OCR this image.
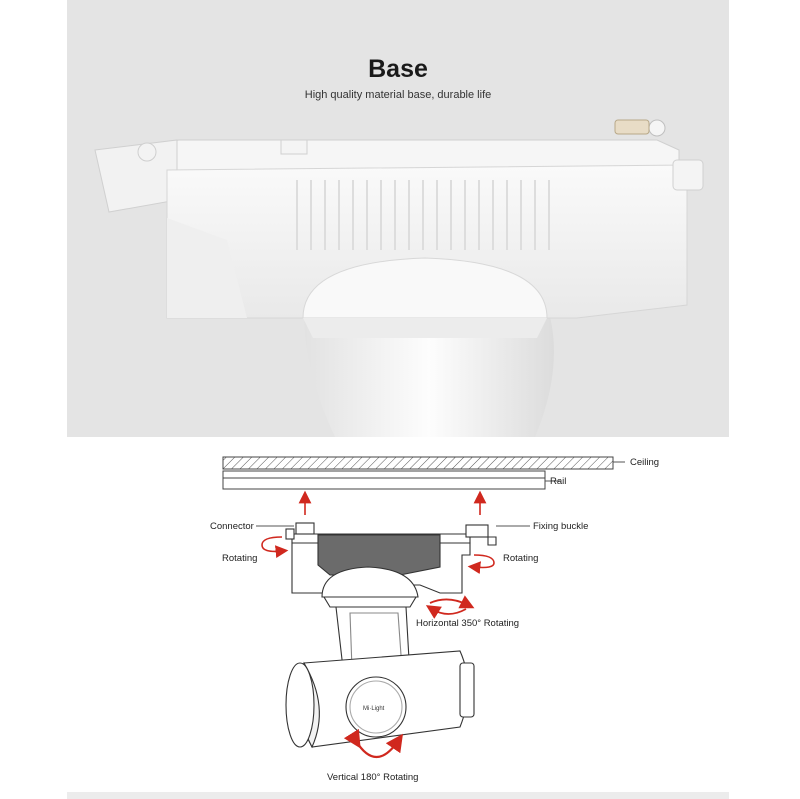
Base
High quality material base, durable life
Ceiling
Rail
Connector	Fixing buckle
Mi·Light
Rotating	Rotating
Horizontal 350° Rotating
Vertical 180° Rotating
